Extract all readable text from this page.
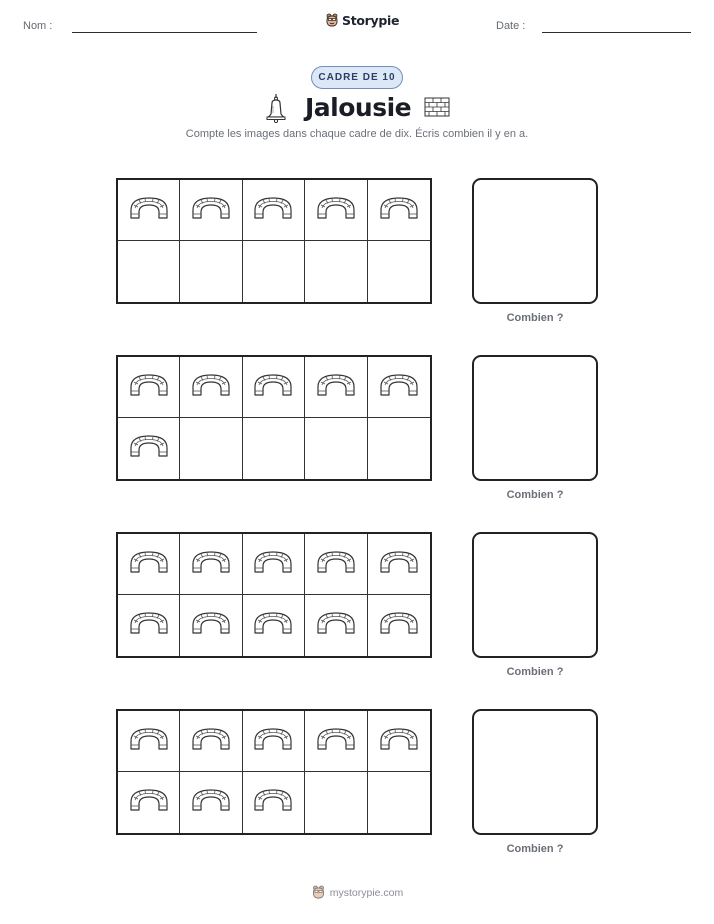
Nom :	Storypie	Date :
CADRE DE 10
Jalousie
Compte les images dans chaque cadre de dix. Écris combien il y en a.
Combien ?
Combien ?
Combien ?
Combien ?
mystorypie.com
